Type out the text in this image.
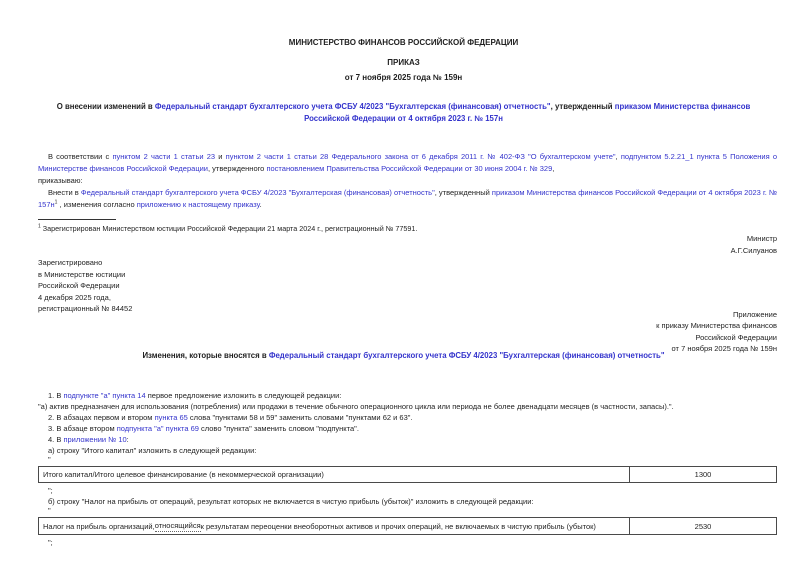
МИНИСТЕРСТВО ФИНАНСОВ РОССИЙСКОЙ ФЕДЕРАЦИИ
ПРИКАЗ
от 7 ноября 2025 года № 159н
О внесении изменений в Федеральный стандарт бухгалтерского учета ФСБУ 4/2023 "Бухгалтерская (финансовая) отчетность", утвержденный приказом Министерства финансов Российской Федерации от 4 октября 2023 г. № 157н
В соответствии с пунктом 2 части 1 статьи 23 и пунктом 2 части 1 статьи 28 Федерального закона от 6 декабря 2011 г. № 402-ФЗ "О бухгалтерском учете", подпунктом 5.2.21_1 пункта 5 Положения о Министерстве финансов Российской Федерации, утвержденного постановлением Правительства Российской Федерации от 30 июня 2004 г. № 329,
приказываю:
Внести в Федеральный стандарт бухгалтерского учета ФСБУ 4/2023 "Бухгалтерская (финансовая) отчетность", утвержденный приказом Министерства финансов Российской Федерации от 4 октября 2023 г. № $157н^1$ , изменения согласно приложению к настоящему приказу.
$^1$ Зарегистрирован Министерством юстиции Российской Федерации 21 марта 2024 г., регистрационный № 77591.
Министр
А.Г.Силуанов
Зарегистрировано
в Министерстве юстиции
Российской Федерации
4 декабря 2025 года,
регистрационный № 84452
Приложение
к приказу Министерства финансов
Российской Федерации
от 7 ноября 2025 года № 159н
Изменения, которые вносятся в Федеральный стандарт бухгалтерского учета ФСБУ 4/2023 "Бухгалтерская (финансовая) отчетность"
1. В подпункте "а" пункта 14 первое предложение изложить в следующей редакции:
"а) актив предназначен для использования (потребления) или продажи в течение обычного операционного цикла или периода не более двенадцати месяцев (в частности, запасы).".
2. В абзацах первом и втором пункта 65 слова "пунктами 58 и 59" заменить словами "пунктами 62 и 63".
3. В абзаце втором подпункта "а" пункта 69 слово "пункта" заменить словом "подпункта".
4. В приложении № 10:
а) строку "Итого капитал" изложить в следующей редакции:
"
Итого капитал/Итого целевое финансирование (в некоммерческой организации)	1300
";
б) строку "Налог на прибыль от операций, результат которых не включается в чистую прибыль (убыток)" изложить в следующей редакции:
"
Налог на прибыль организаций, относящийся к результатам переоценки внеоборотных активов и прочих операций, не включаемых в чистую прибыль (убыток)	2530
";
